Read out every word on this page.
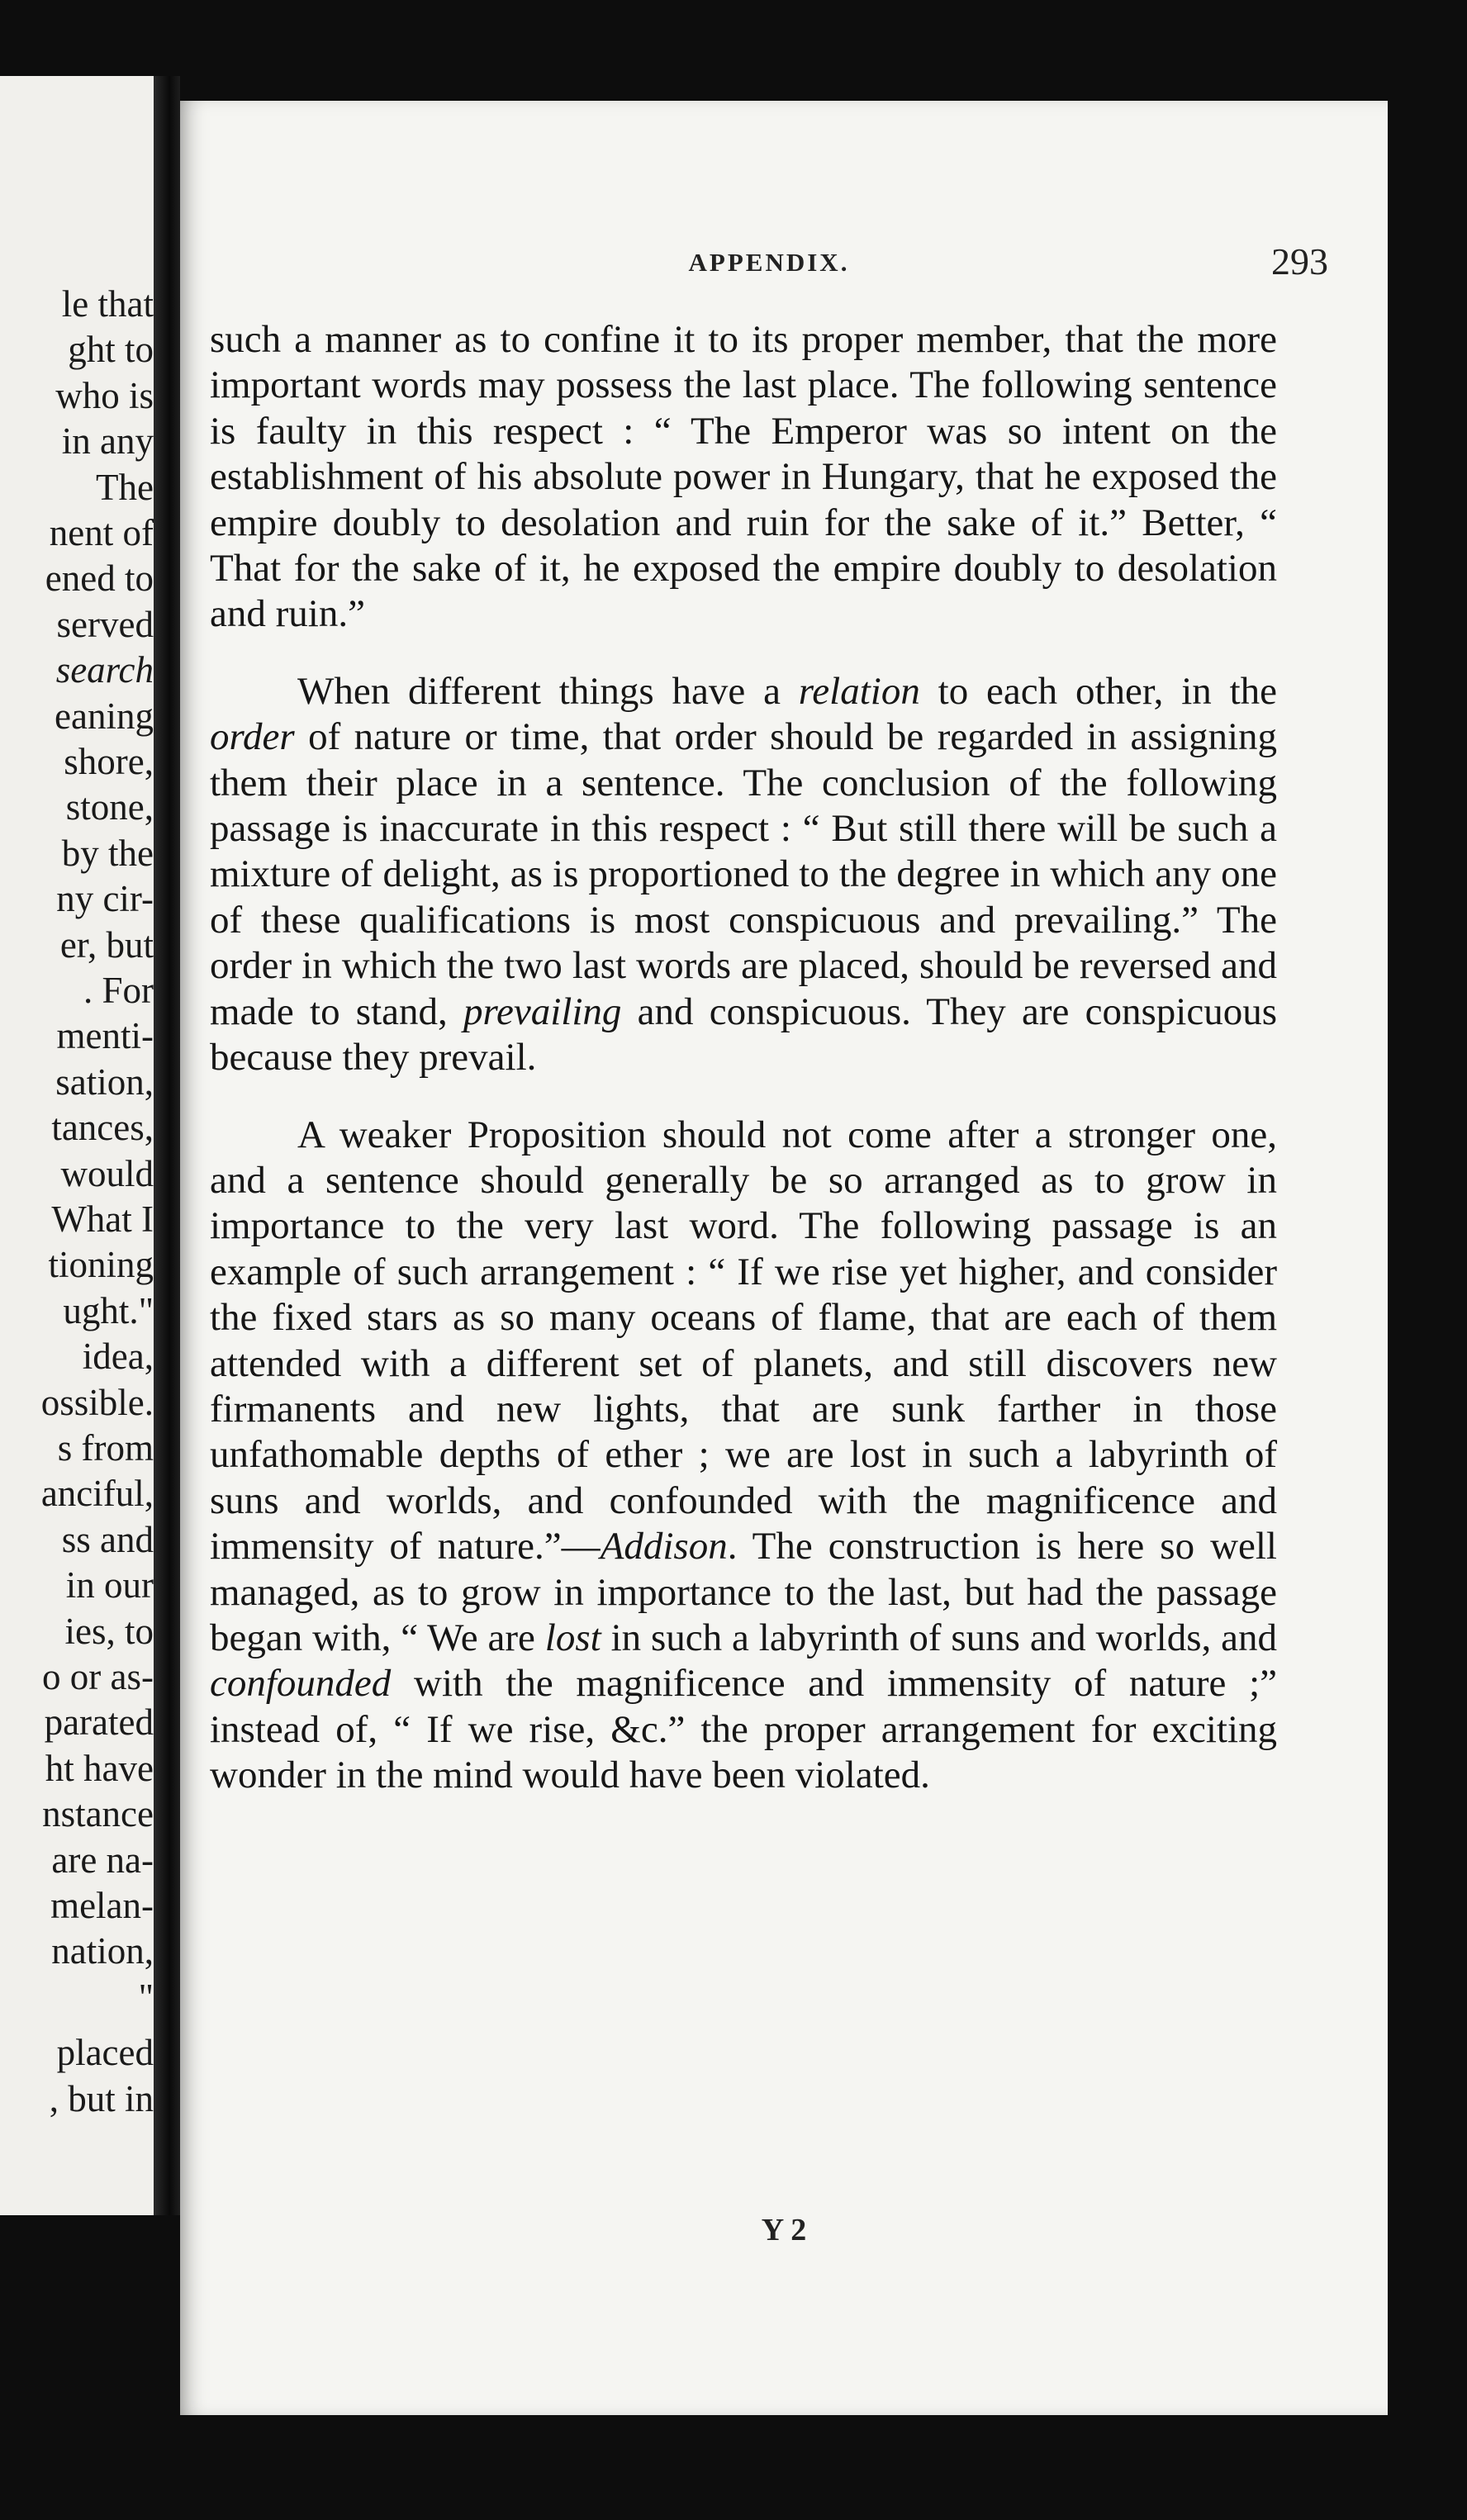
le that
ght to
who is
in any
The
nent of
ened to
served
search
eaning
shore,
stone,
by the
ny cir-
er, but
. For
menti-
sation,
tances,
would
What I
tioning
ught."
idea,
ossible.
s from
anciful,
ss and
in our
ies, to
o or as-
parated
ht have
nstance
are na-
melan-
nation,
"
placed
, but in
APPENDIX.	293

such a manner as to confine it to its proper member, that the more important words may possess the last place. The following sentence is faulty in this respect : “ The Emperor was so intent on the establishment of his absolute power in Hungary, that he exposed the empire doubly to desolation and ruin for the sake of it.” Better, “ That for the sake of it, he exposed the empire doubly to desolation and ruin.”

When different things have a relation to each other, in the order of nature or time, that order should be regarded in assigning them their place in a sentence. The conclusion of the following passage is inaccurate in this respect : “ But still there will be such a mixture of delight, as is proportioned to the degree in which any one of these qualifications is most conspicuous and prevailing.” The order in which the two last words are placed, should be reversed and made to stand, prevailing and conspicuous. They are conspicuous because they prevail.

A weaker Proposition should not come after a stronger one, and a sentence should generally be so arranged as to grow in importance to the very last word. The following passage is an example of such arrangement : “ If we rise yet higher, and consider the fixed stars as so many oceans of flame, that are each of them attended with a different set of planets, and still discovers new firmanents and new lights, that are sunk farther in those unfathomable depths of ether ; we are lost in such a labyrinth of suns and worlds, and confounded with the magnificence and immensity of nature.”—Addison. The construction is here so well managed, as to grow in importance to the last, but had the passage began with, “ We are lost in such a labyrinth of suns and worlds, and confounded with the magnificence and immensity of nature ;” instead of, “ If we rise, &c.” the proper arrangement for exciting wonder in the mind would have been violated.

Y 2
